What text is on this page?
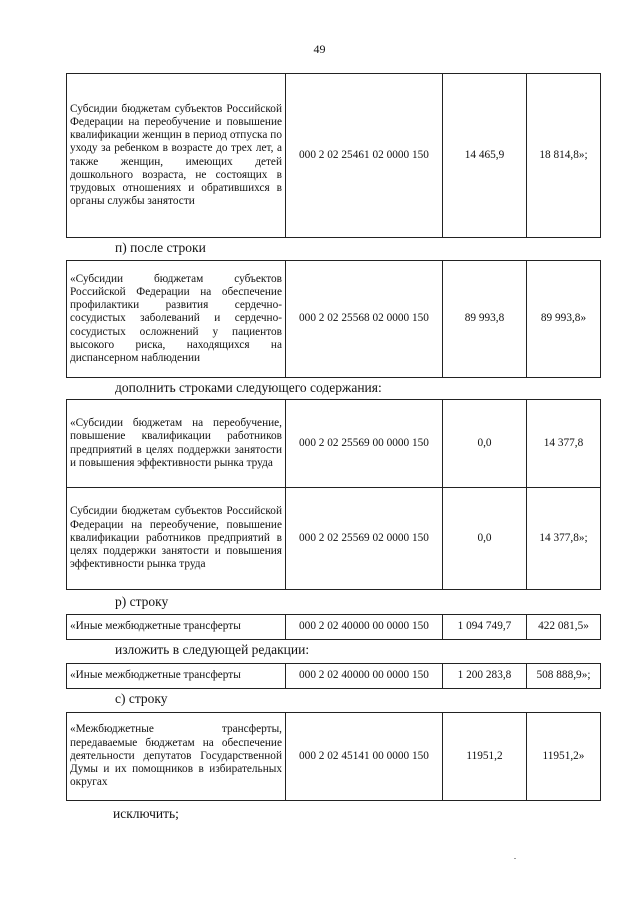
49
Субсидии бюджетам субъектов Российской Федерации на переобучение и повышение квалификации женщин в период отпуска по уходу за ребенком в возрасте до трех лет, а также женщин, имеющих детей дошкольного возраста, не состоящих в трудовых отношениях и обратившихся в органы службы занятости	000 2 02 25461 02 0000 150	14 465,9	18 814,8»;
п) после строки
«Субсидии бюджетам субъектов Российской Федерации на обеспечение профилактики развития сердечно-сосудистых заболеваний и сердечно-сосудистых осложнений у пациентов высокого риска, находящихся на диспансерном наблюдении	000 2 02 25568 02 0000 150	89 993,8	89 993,8»
дополнить строками следующего содержания:
«Субсидии бюджетам на переобучение, повышение квалификации работников предприятий в целях поддержки занятости и повышения эффективности рынка труда	000 2 02 25569 00 0000 150	0,0	14 377,8
Субсидии бюджетам субъектов Российской Федерации на переобучение, повышение квалификации работников предприятий в целях поддержки занятости и повышения эффективности рынка труда	000 2 02 25569 02 0000 150	0,0	14 377,8»;
р) строку
«Иные межбюджетные трансферты	000 2 02 40000 00 0000 150	1 094 749,7	422 081,5»
изложить в следующей редакции:
«Иные межбюджетные трансферты	000 2 02 40000 00 0000 150	1 200 283,8	508 888,9»;
с) строку
«Межбюджетные трансферты, передаваемые бюджетам на обеспечение деятельности депутатов Государственной Думы и их помощников в избирательных округах	000 2 02 45141 00 0000 150	11951,2	11951,2»
исключить;
